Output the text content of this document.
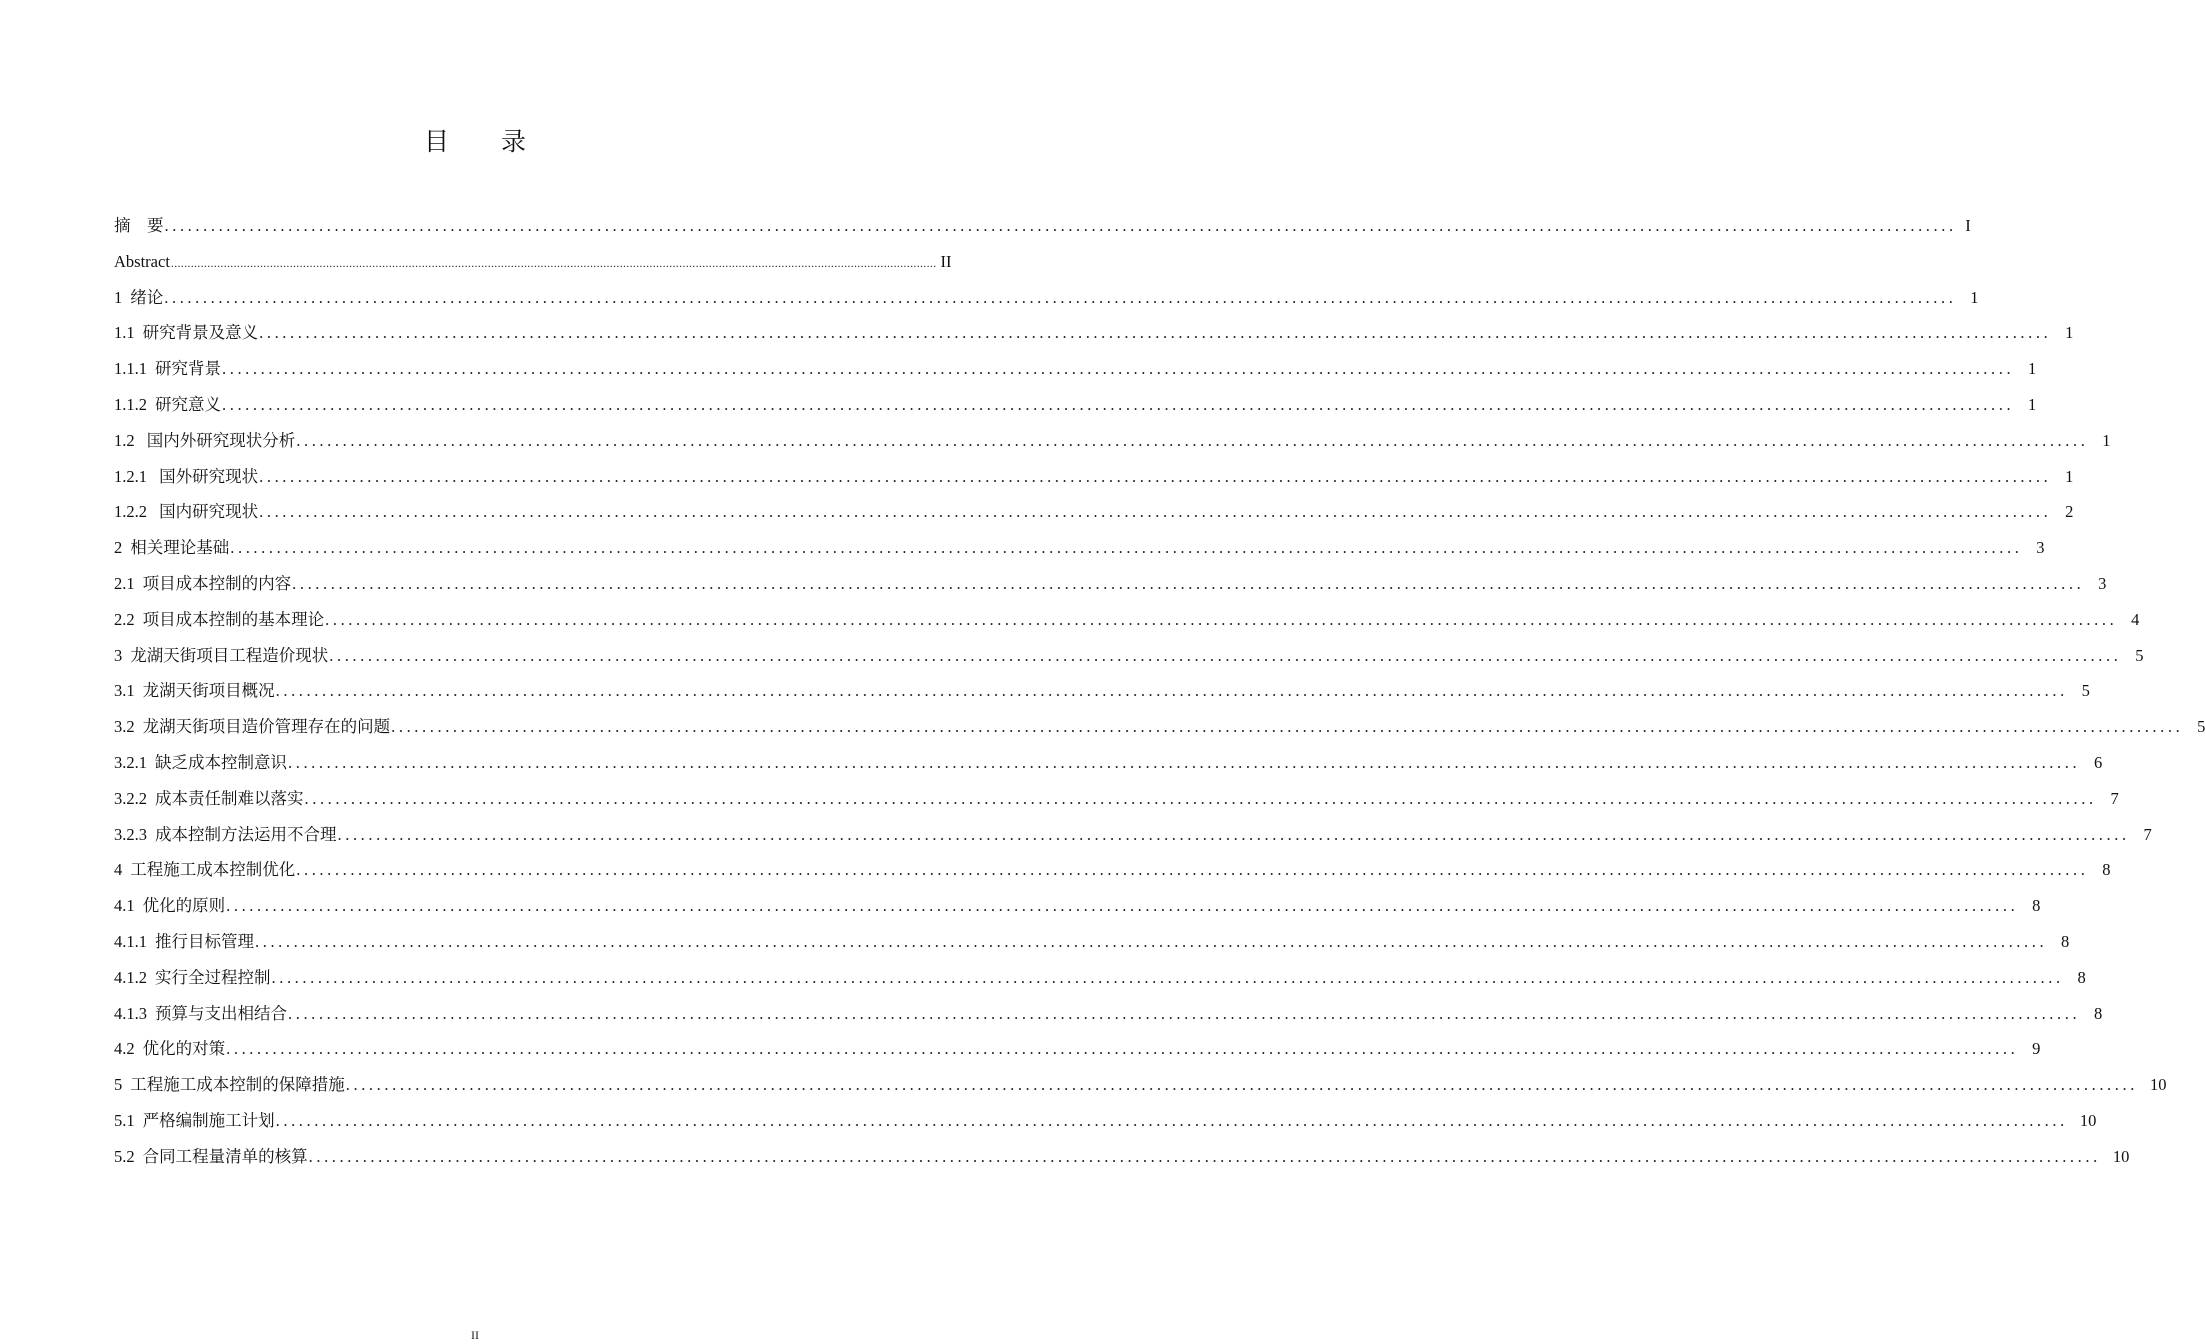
目 录
摘    要 ........................................................................................................................................................................................................................................ I
Abstract ........................................................................................................................................................................................................................................ II
1 绪论 ........................................................................................................................................................................................................................................ 1
1.1 研究背景及意义 ........................................................................................................................................................................................................................................ 1
1.1.1 研究背景 ........................................................................................................................................................................................................................................ 1
1.1.2 研究意义 ........................................................................................................................................................................................................................................ 1
1.2 国内外研究现状分析 ........................................................................................................................................................................................................................................ 1
1.2.1 国外研究现状 ........................................................................................................................................................................................................................................ 1
1.2.2 国内研究现状 ........................................................................................................................................................................................................................................ 2
2 相关理论基础 ........................................................................................................................................................................................................................................ 3
2.1 项目成本控制的内容 ........................................................................................................................................................................................................................................ 3
2.2 项目成本控制的基本理论 ........................................................................................................................................................................................................................................ 4
3 龙湖天街项目工程造价现状 ........................................................................................................................................................................................................................................ 5
3.1 龙湖天街项目概况 ........................................................................................................................................................................................................................................ 5
3.2 龙湖天街项目造价管理存在的问题 ........................................................................................................................................................................................................................................ 5
3.2.1 缺乏成本控制意识 ........................................................................................................................................................................................................................................ 6
3.2.2 成本责任制难以落实 ........................................................................................................................................................................................................................................ 7
3.2.3 成本控制方法运用不合理 ........................................................................................................................................................................................................................................ 7
4 工程施工成本控制优化 ........................................................................................................................................................................................................................................ 8
4.1 优化的原则 ........................................................................................................................................................................................................................................ 8
4.1.1 推行目标管理 ........................................................................................................................................................................................................................................ 8
4.1.2 实行全过程控制 ........................................................................................................................................................................................................................................ 8
4.1.3 预算与支出相结合 ........................................................................................................................................................................................................................................ 8
4.2 优化的对策 ........................................................................................................................................................................................................................................ 9
5 工程施工成本控制的保障措施 ........................................................................................................................................................................................................................................ 10
5.1 严格编制施工计划 ........................................................................................................................................................................................................................................ 10
5.2 合同工程量清单的核算 ........................................................................................................................................................................................................................................ 10
II
